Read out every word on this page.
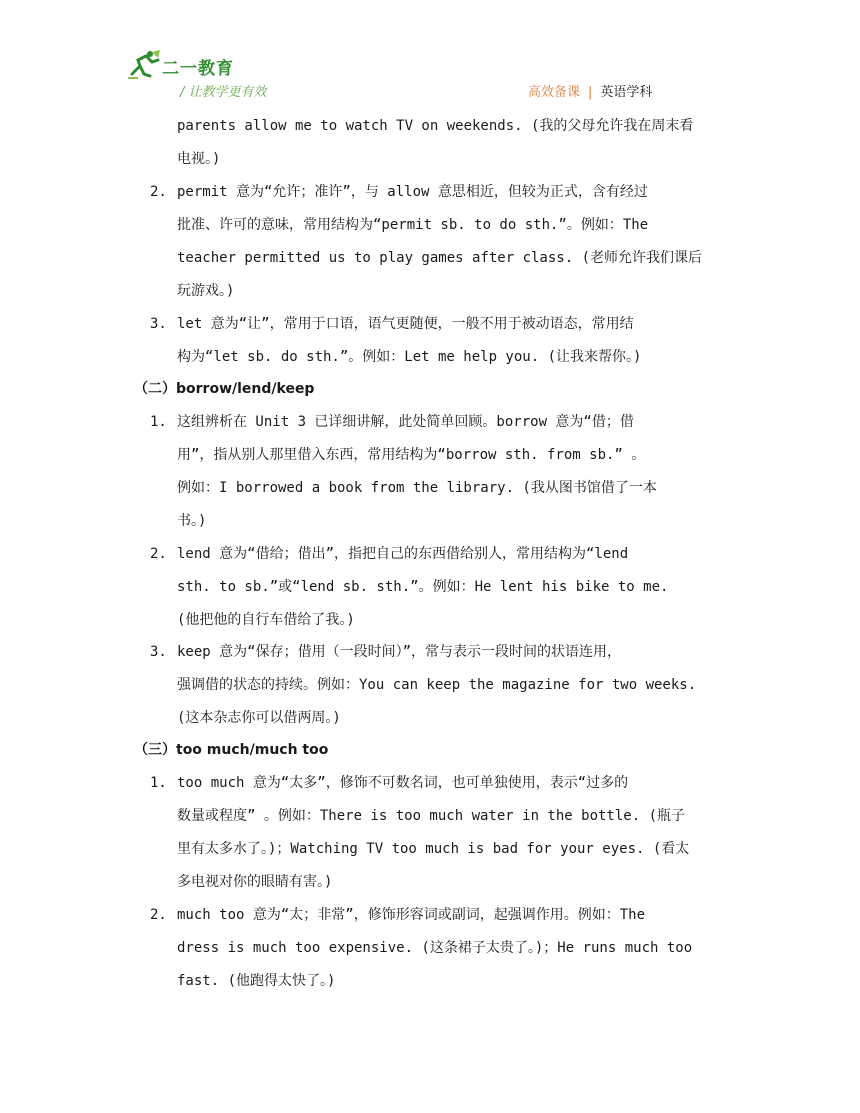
二一教育
/ 让教学更有效	高效备课 | 英语学科
parents allow me to watch TV on weekends. (我的父母允许我在周末看
电视。)
2. permit 意为“允许；准许”，与 allow 意思相近，但较为正式，含有经过
批准、许可的意味，常用结构为“permit sb. to do sth.”。例如：The
teacher permitted us to play games after class. (老师允许我们课后
玩游戏。)
3. let 意为“让”，常用于口语，语气更随便，一般不用于被动语态，常用结
构为“let sb. do sth.”。例如：Let me help you. (让我来帮你。)
（二）borrow/lend/keep
1. 这组辨析在 Unit 3 已详细讲解，此处简单回顾。borrow 意为“借；借
用”，指从别人那里借入东西，常用结构为“borrow sth. from sb.” 。
例如：I borrowed a book from the library. (我从图书馆借了一本
书。)
2. lend 意为“借给；借出”，指把自己的东西借给别人，常用结构为“lend
sth. to sb.”或“lend sb. sth.”。例如：He lent his bike to me.
(他把他的自行车借给了我。)
3. keep 意为“保存；借用（一段时间）”，常与表示一段时间的状语连用，
强调借的状态的持续。例如：You can keep the magazine for two weeks.
(这本杂志你可以借两周。)
（三）too much/much too
1. too much 意为“太多”，修饰不可数名词，也可单独使用，表示“过多的
数量或程度” 。例如：There is too much water in the bottle. (瓶子
里有太多水了。)；Watching TV too much is bad for your eyes. (看太
多电视对你的眼睛有害。)
2. much too 意为“太；非常”，修饰形容词或副词，起强调作用。例如：The
dress is much too expensive. (这条裙子太贵了。)；He runs much too
fast. (他跑得太快了。)
